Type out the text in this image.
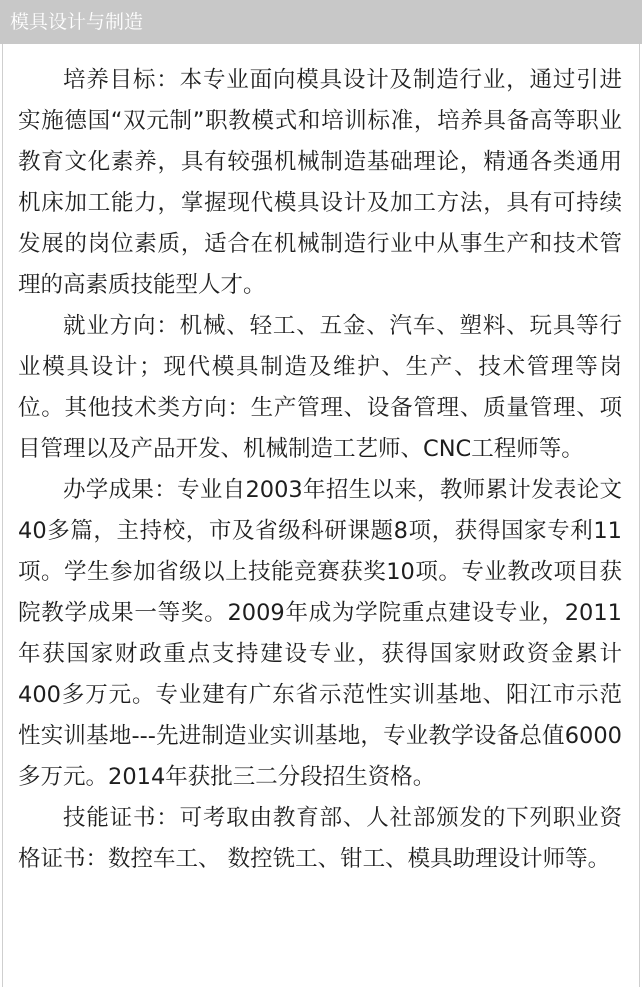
模具设计与制造

培养目标：本专业面向模具设计及制造行业，通过引进实施德国“双元制”职教模式和培训标准，培养具备高等职业教育文化素养，具有较强机械制造基础理论，精通各类通用机床加工能力，掌握现代模具设计及加工方法，具有可持续发展的岗位素质，适合在机械制造行业中从事生产和技术管理的高素质技能型人才。

就业方向：机械、轻工、五金、汽车、塑料、玩具等行业模具设计；现代模具制造及维护、生产、技术管理等岗位。其他技术类方向：生产管理、设备管理、质量管理、项目管理以及产品开发、机械制造工艺师、CNC工程师等。

办学成果：专业自2003年招生以来，教师累计发表论文40多篇，主持校，市及省级科研课题8项，获得国家专利11项。学生参加省级以上技能竞赛获奖10项。专业教改项目获院教学成果一等奖。2009年成为学院重点建设专业，2011年获国家财政重点支持建设专业，获得国家财政资金累计400多万元。专业建有广东省示范性实训基地、阳江市示范性实训基地---先进制造业实训基地，专业教学设备总值6000多万元。2014年获批三二分段招生资格。

技能证书：可考取由教育部、人社部颁发的下列职业资格证书：数控车工、 数控铣工、钳工、模具助理设计师等。
